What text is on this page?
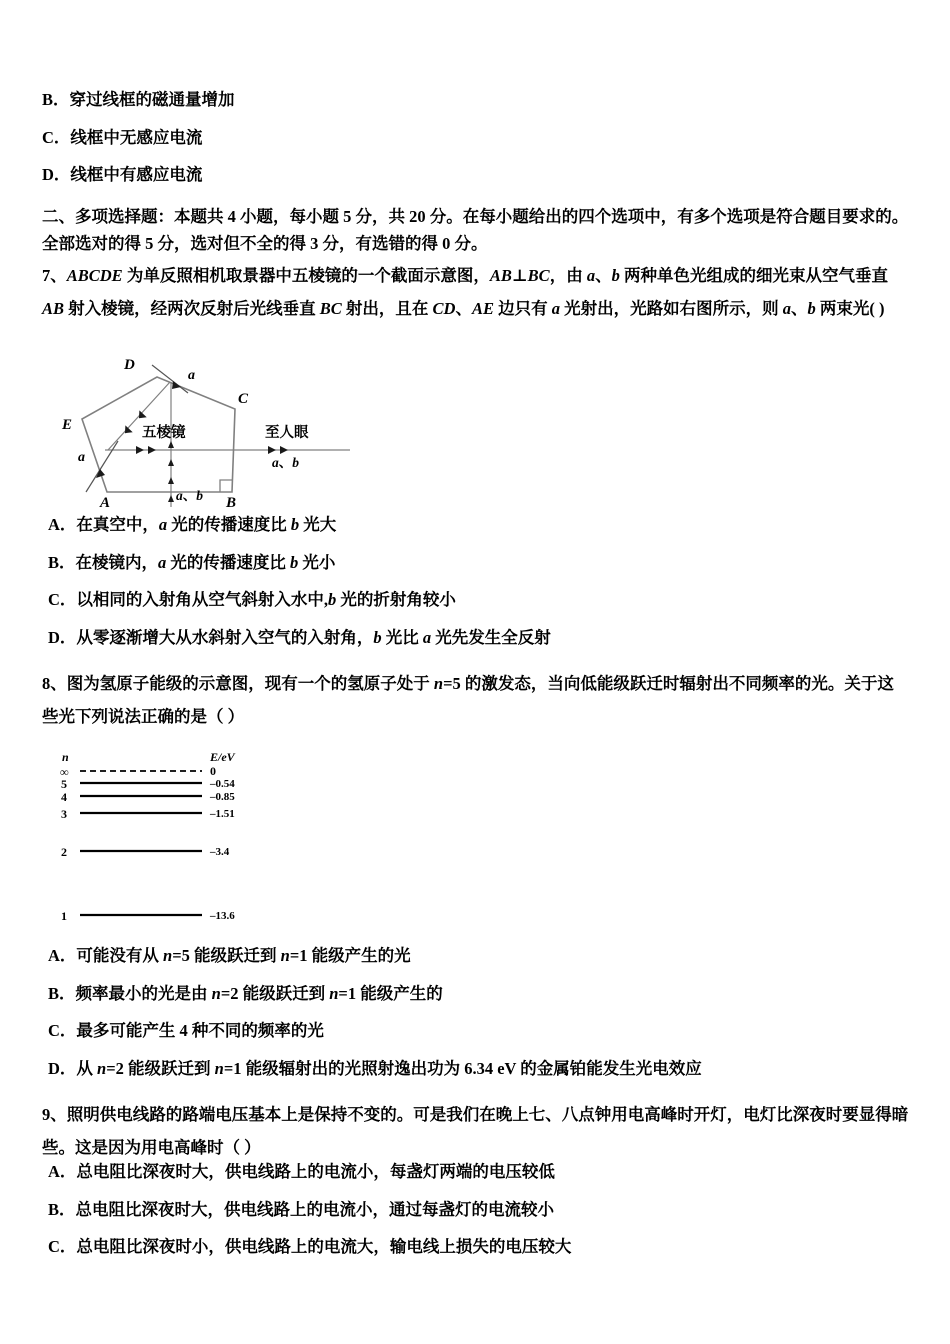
B．穿过线框的磁通量增加
C．线框中无感应电流
D．线框中有感应电流
二、多项选择题：本题共 4 小题，每小题 5 分，共 20 分。在每小题给出的四个选项中，有多个选项是符合题目要求的。
全部选对的得 5 分，选对但不全的得 3 分，有选错的得 0 分。
7、ABCDE 为单反照相机取景器中五棱镜的一个截面示意图，AB⊥BC，由 a、b 两种单色光组成的细光束从空气垂直
AB 射入棱镜，经两次反射后光线垂直 BC 射出，且在 CD、AE 边只有 a 光射出，光路如右图所示，则 a、b 两束光( )
D
C
E
A	B
a
a
a、b
a、b
五棱镜	至人眼
A．在真空中，a 光的传播速度比 b 光大
B．在棱镜内，a 光的传播速度比 b 光小
C．以相同的入射角从空气斜射入水中,b 光的折射角较小
D．从零逐渐增大从水斜射入空气的入射角，b 光比 a 光先发生全反射
8、图为氢原子能级的示意图，现有一个的氢原子处于 n=5 的激发态，当向低能级跃迁时辐射出不同频率的光。关于这
些光下列说法正确的是（ ）
n	E/eV
∞	0
5	–0.54
4	–0.85
3	–1.51
2	–3.4
1	–13.6
A．可能没有从 n=5 能级跃迁到 n=1 能级产生的光
B．频率最小的光是由 n=2 能级跃迁到 n=1 能级产生的
C．最多可能产生 4 种不同的频率的光
D．从 n=2 能级跃迁到 n=1 能级辐射出的光照射逸出功为 6.34 eV 的金属铂能发生光电效应
9、照明供电线路的路端电压基本上是保持不变的。可是我们在晚上七、八点钟用电高峰时开灯，电灯比深夜时要显得暗
些。这是因为用电高峰时（ ）
A．总电阻比深夜时大，供电线路上的电流小，每盏灯两端的电压较低
B．总电阻比深夜时大，供电线路上的电流小，通过每盏灯的电流较小
C．总电阻比深夜时小，供电线路上的电流大，输电线上损失的电压较大
